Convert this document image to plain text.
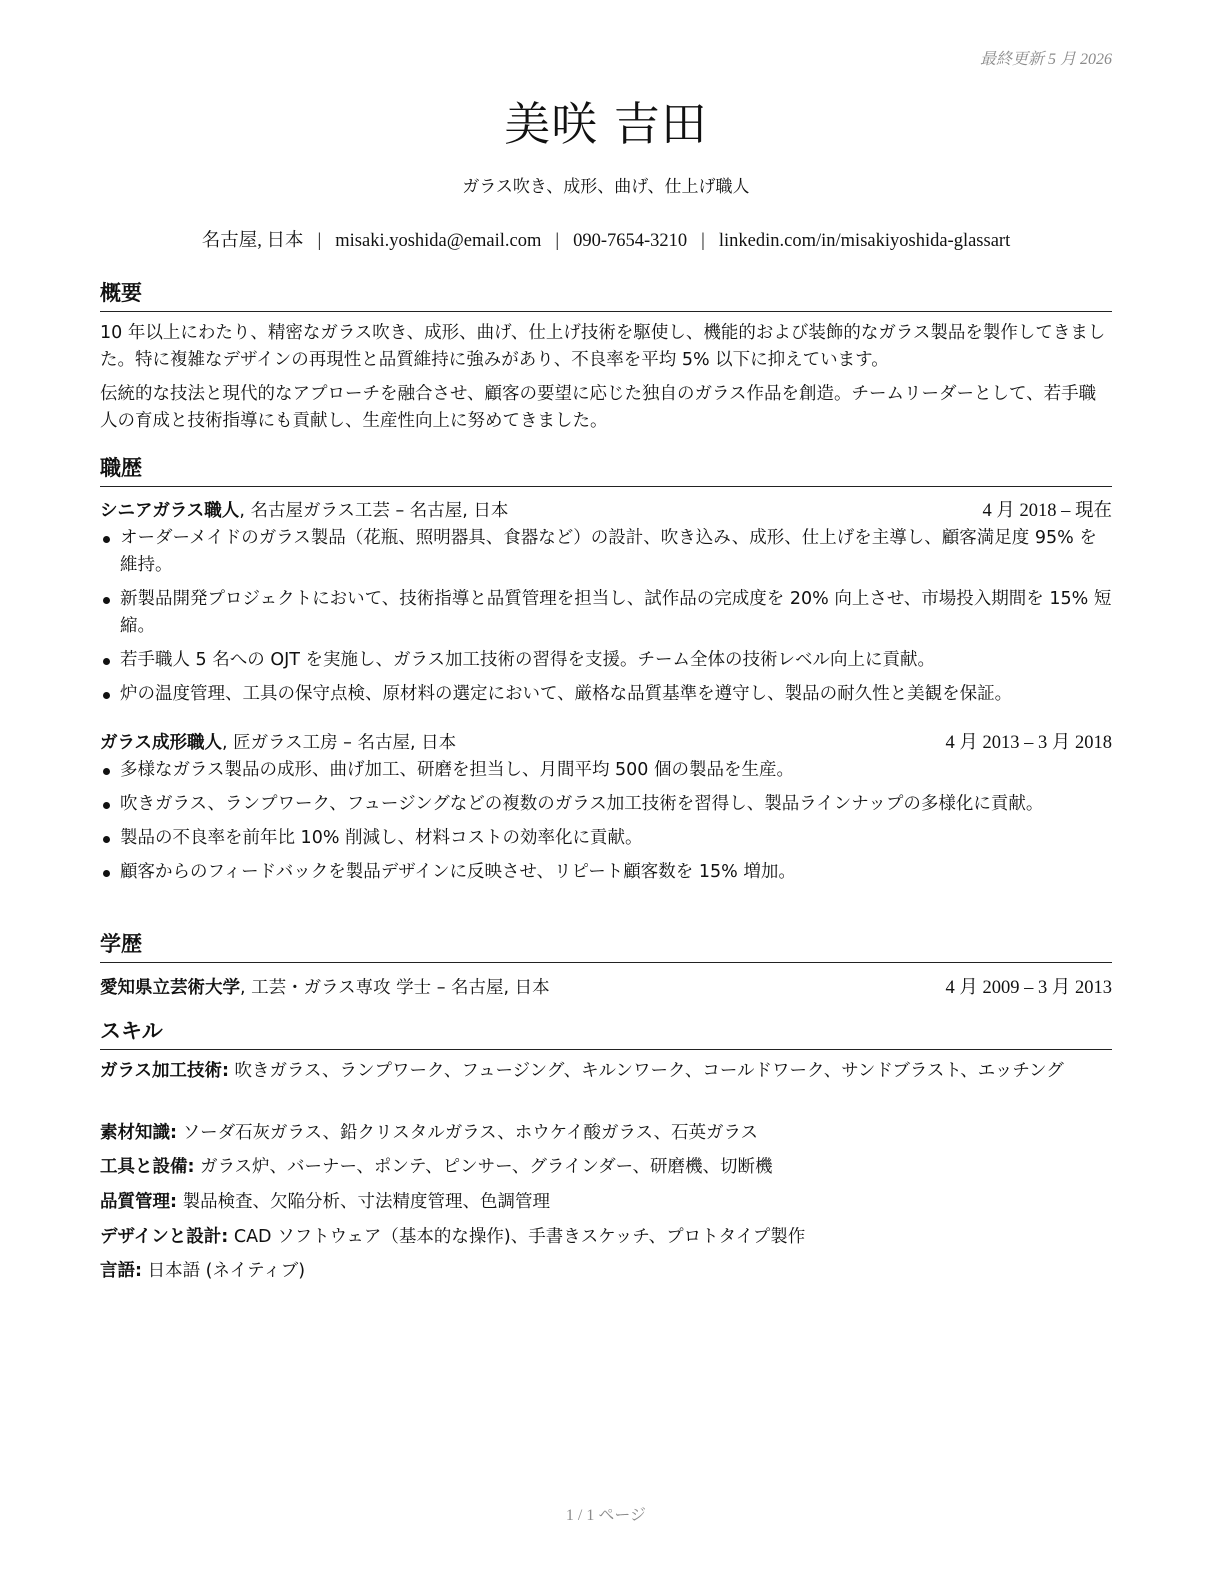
最終更新 5 月 2026
美咲 吉田
ガラス吹き、成形、曲げ、仕上げ職人
名古屋, 日本 | misaki.yoshida@email.com | 090-7654-3210 | linkedin.com/in/misakiyoshida-glassart
概要
10 年以上にわたり、精密なガラス吹き、成形、曲げ、仕上げ技術を駆使し、機能的および装飾的なガラス製品を製作してきました。特に複雑なデザインの再現性と品質維持に強みがあり、不良率を平均 5% 以下に抑えています。
伝統的な技法と現代的なアプローチを融合させ、顧客の要望に応じた独自のガラス作品を創造。チームリーダーとして、若手職人の育成と技術指導にも貢献し、生産性向上に努めてきました。
職歴
シニアガラス職人, 名古屋ガラス工芸 – 名古屋, 日本	4 月 2018 – 現在
オーダーメイドのガラス製品（花瓶、照明器具、食器など）の設計、吹き込み、成形、仕上げを主導し、顧客満足度 95% を維持。
新製品開発プロジェクトにおいて、技術指導と品質管理を担当し、試作品の完成度を 20% 向上させ、市場投入期間を 15% 短縮。
若手職人 5 名への OJT を実施し、ガラス加工技術の習得を支援。チーム全体の技術レベル向上に貢献。
炉の温度管理、工具の保守点検、原材料の選定において、厳格な品質基準を遵守し、製品の耐久性と美観を保証。
ガラス成形職人, 匠ガラス工房 – 名古屋, 日本	4 月 2013 – 3 月 2018
多様なガラス製品の成形、曲げ加工、研磨を担当し、月間平均 500 個の製品を生産。
吹きガラス、ランプワーク、フュージングなどの複数のガラス加工技術を習得し、製品ラインナップの多様化に貢献。
製品の不良率を前年比 10% 削減し、材料コストの効率化に貢献。
顧客からのフィードバックを製品デザインに反映させ、リピート顧客数を 15% 増加。
学歴
愛知県立芸術大学, 工芸・ガラス専攻 学士 – 名古屋, 日本	4 月 2009 – 3 月 2013
スキル
ガラス加工技術: 吹きガラス、ランプワーク、フュージング、キルンワーク、コールドワーク、サンドブラスト、エッチング
素材知識: ソーダ石灰ガラス、鉛クリスタルガラス、ホウケイ酸ガラス、石英ガラス
工具と設備: ガラス炉、バーナー、ポンテ、ピンサー、グラインダー、研磨機、切断機
品質管理: 製品検査、欠陥分析、寸法精度管理、色調管理
デザインと設計: CAD ソフトウェア（基本的な操作)、手書きスケッチ、プロトタイプ製作
言語: 日本語 (ネイティブ)
1 / 1 ページ
